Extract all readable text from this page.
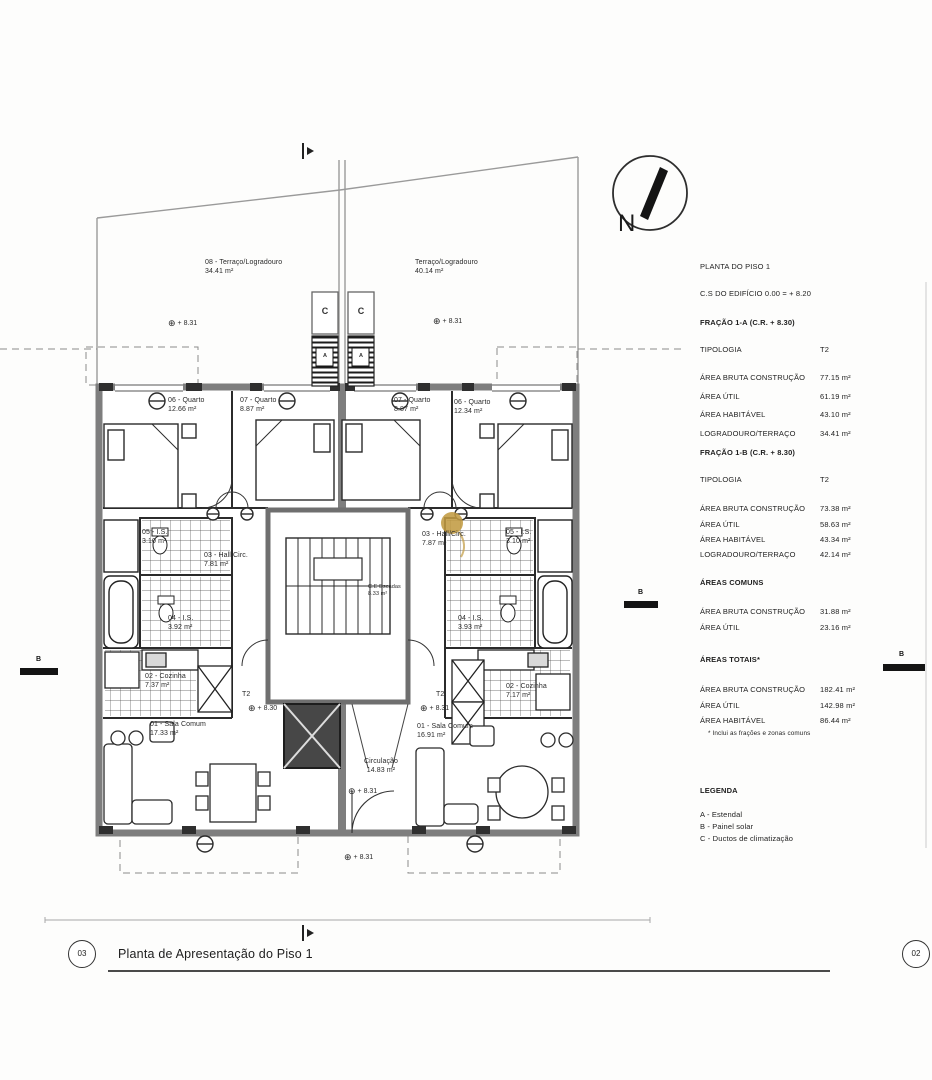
N
08 - Terraço/Logradouro
34.41 m²
Terraço/Logradouro
40.14 m²
⊕ + 8.31	⊕ + 8.31
C	C
A	A
06 - Quarto
12.66 m²
07 - Quarto
8.87 m²
05 - I.S.
3.10 m²
03 - Hall/Circ.
7.81 m²
04 - I.S.
3.92 m²
02 - Cozinha
7.37 m²
01 - Sala Comum
17.33 m²
T2
⊕ + 8.30
07 - Quarto
8.87 m²
06 - Quarto
12.34 m²
05 - I.S.
3.10 m²
03 - Hall/Circ.
7.87 m²
04 - I.S.
3.93 m²
02 - Cozinha
7.17 m²
01 - Sala Comum
16.91 m²
T2
⊕ + 8.31
C.E Escadas
8.33 m²
Circulação
14.83 m²
⊕ + 8.31
⊕ + 8.31
B
B
B
PLANTA DO PISO 1
C.S DO EDIFÍCIO 0.00 = + 8.20
FRAÇÃO 1-A (C.R. + 8.30)
TIPOLOGIA	T2
ÁREA BRUTA CONSTRUÇÃO 77.15 m²
ÁREA ÚTIL	61.19 m²
ÁREA HABITÁVEL	43.10 m²
LOGRADOURO/TERRAÇO	34.41 m²
FRAÇÃO 1-B (C.R. + 8.30)
TIPOLOGIA	T2
ÁREA BRUTA CONSTRUÇÃO 73.38 m²
ÁREA ÚTIL	58.63 m²
ÁREA HABITÁVEL	43.34 m²
LOGRADOURO/TERRAÇO	42.14 m²
ÁREAS COMUNS
ÁREA BRUTA CONSTRUÇÃO 31.88 m²
ÁREA ÚTIL	23.16 m²
ÁREAS TOTAIS*
ÁREA BRUTA CONSTRUÇÃO 182.41 m²
ÁREA ÚTIL	142.98 m²
ÁREA HABITÁVEL	86.44 m²
* Inclui as frações e zonas comuns
LEGENDA
A - Estendal
B - Painel solar
C - Ductos de climatização
03	Planta de Apresentação do Piso 1	02
